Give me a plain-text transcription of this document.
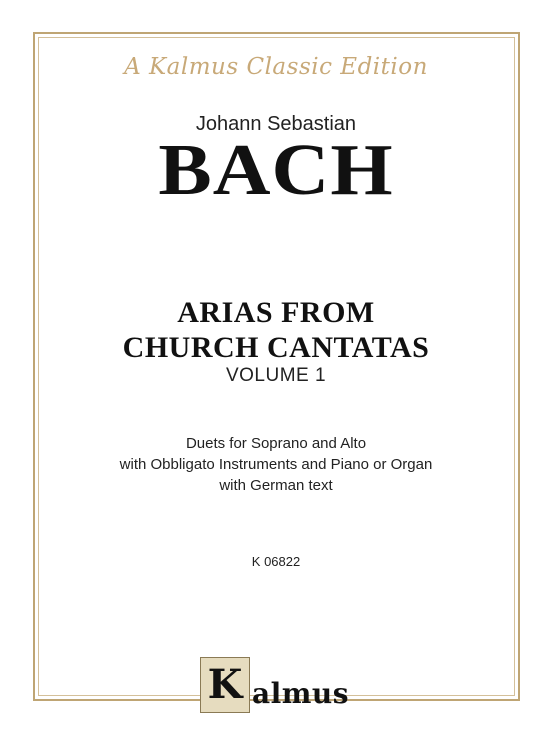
A Kalmus Classic Edition
Johann Sebastian
BACH
ARIAS FROM
CHURCH CANTATAS
VOLUME 1
Duets for Soprano and Alto
with Obbligato Instruments and Piano or Organ
with German text
K 06822
K almus
